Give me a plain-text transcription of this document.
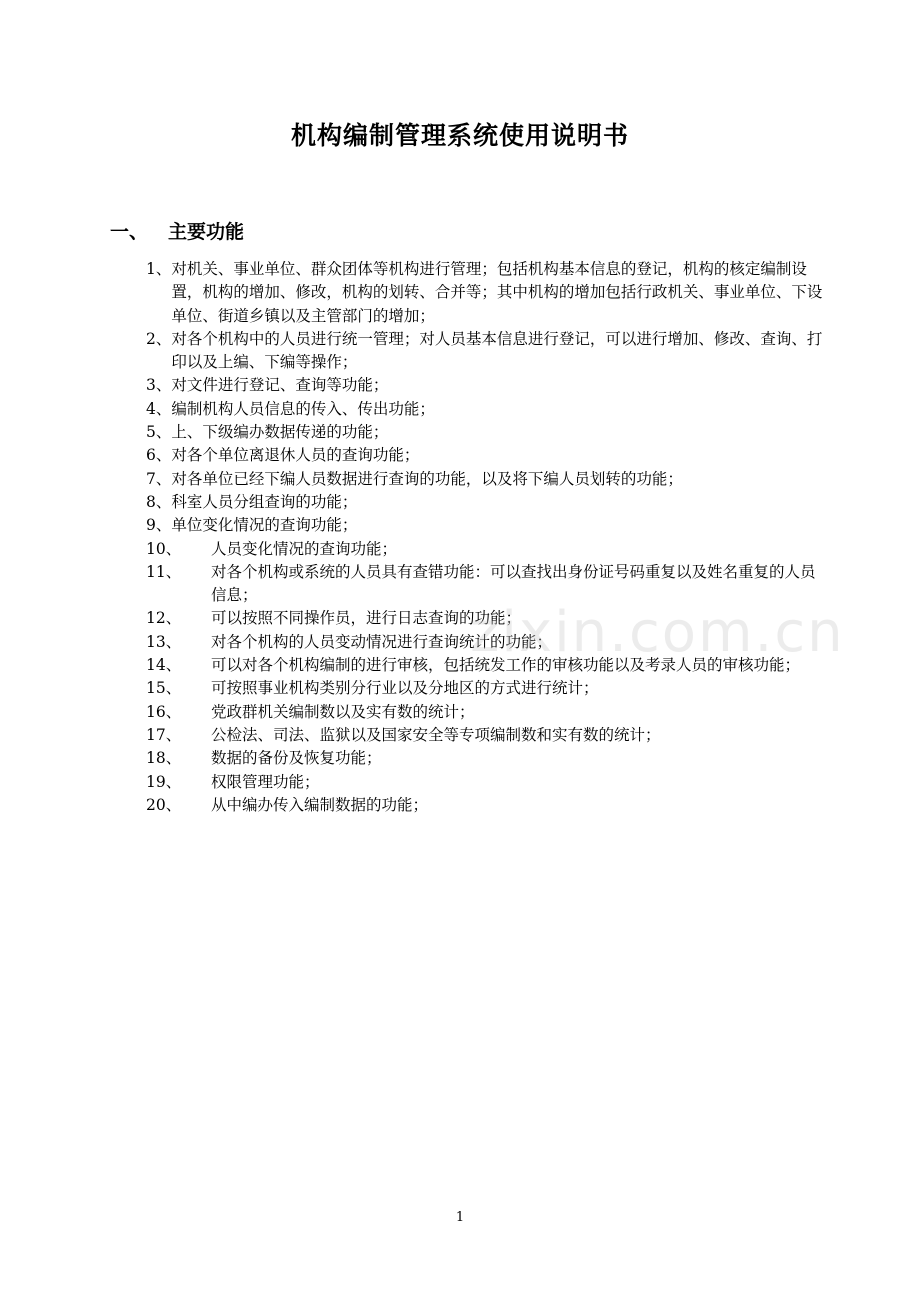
机构编制管理系统使用说明书
一、 主要功能
1、 对机关、事业单位、群众团体等机构进行管理；包括机构基本信息的登记，机构的核定编制设置，机构的增加、修改，机构的划转、合并等；其中机构的增加包括行政机关、事业单位、下设单位、街道乡镇以及主管部门的增加；
2、 对各个机构中的人员进行统一管理；对人员基本信息进行登记，可以进行增加、修改、查询、打印以及上编、下编等操作；
3、 对文件进行登记、查询等功能；
4、 编制机构人员信息的传入、传出功能；
5、 上、下级编办数据传递的功能；
6、 对各个单位离退休人员的查询功能；
7、 对各单位已经下编人员数据进行查询的功能，以及将下编人员划转的功能；
8、 科室人员分组查询的功能；
9、 单位变化情况的查询功能；
10、	人员变化情况的查询功能；
11、	对各个机构或系统的人员具有查错功能：可以查找出身份证号码重复以及姓名重复的人员信息；
12、	可以按照不同操作员，进行日志查询的功能；
13、	对各个机构的人员变动情况进行查询统计的功能；
14、	可以对各个机构编制的进行审核，包括统发工作的审核功能以及考录人员的审核功能；
15、	可按照事业机构类别分行业以及分地区的方式进行统计；
16、	党政群机关编制数以及实有数的统计；
17、	公检法、司法、监狱以及国家安全等专项编制数和实有数的统计；
18、	数据的备份及恢复功能；
19、	权限管理功能；
20、	从中编办传入编制数据的功能；
zixin.com.cn
1
